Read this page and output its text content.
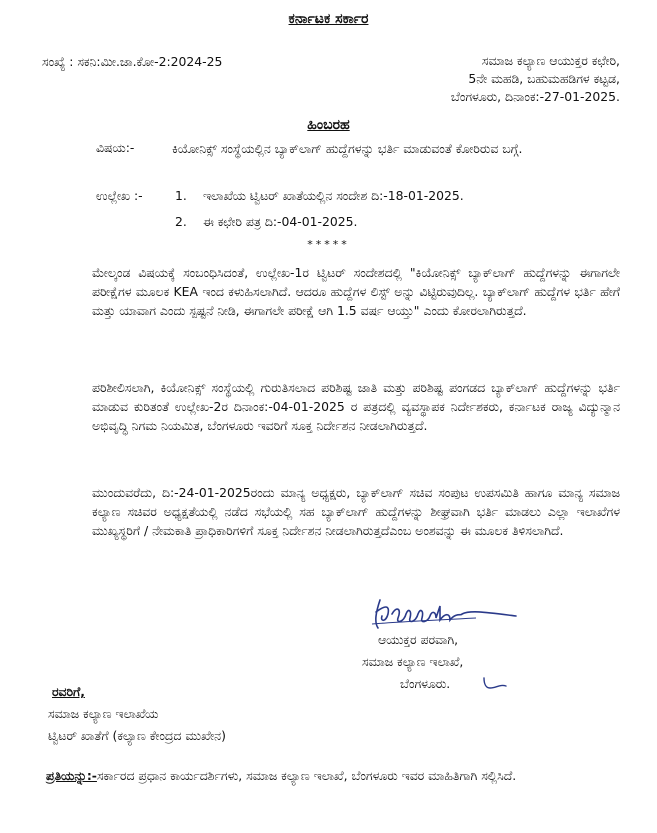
ಕರ್ನಾಟಕ ಸರ್ಕಾರ
ಸಂಖ್ಯೆ : ಸಕನಿ:ಮೀ.ಜಾ.ಕೋ-2:2024-25	ಸಮಾಜ ಕಲ್ಯಾಣ ಆಯುಕ್ತರ ಕಛೇರಿ,
5ನೇ ಮಹಡಿ, ಬಹುಮಹಡಿಗಳ ಕಟ್ಟಡ,
ಬೆಂಗಳೂರು, ದಿನಾಂಕ:-27-01-2025.
ಹಿಂಬರಹ
ವಿಷಯ:-	ಕಿಯೋನಿಕ್ಸ್ ಸಂಸ್ಥೆಯಲ್ಲಿನ ಬ್ಯಾಕ್‌ಲಾಗ್ ಹುದ್ದೆಗಳನ್ನು ಭರ್ತಿ ಮಾಡುವಂತೆ ಕೋರಿರುವ ಬಗ್ಗೆ.
ಉಲ್ಲೇಖ :-	1. ಇಲಾಖೆಯ ಟ್ವಿಟರ್ ಖಾತೆಯಲ್ಲಿನ ಸಂದೇಶ ದಿ:-18-01-2025.
2. ಈ ಕಛೇರಿ ಪತ್ರ ದಿ:-04-01-2025.
*****

ಮೇಲ್ಕಂಡ ವಿಷಯಕ್ಕೆ ಸಂಬಂಧಿಸಿದಂತೆ, ಉಲ್ಲೇಖ-1ರ ಟ್ವಿಟರ್ ಸಂದೇಶದಲ್ಲಿ "ಕಿಯೋನಿಕ್ಸ್ ಬ್ಯಾಕ್‌ಲಾಗ್ ಹುದ್ದೆಗಳನ್ನು ಈಗಾಗಲೇ ಪರೀಕ್ಷೆಗಳ ಮೂಲಕ KEA ಇಂದ ಕಳುಹಿಸಲಾಗಿದೆ. ಆದರೂ ಹುದ್ದೆಗಳ ಲಿಸ್ಟ್ ಅನ್ನು ವಿಟ್ಟಿರುವುದಿಲ್ಲ. ಬ್ಯಾಕ್‌ಲಾಗ್ ಹುದ್ದೆಗಳ ಭರ್ತಿ ಹೇಗೆ ಮತ್ತು ಯಾವಾಗ ಎಂದು ಸ್ಪಷ್ಟನೆ ನೀಡಿ, ಈಗಾಗಲೇ ಪರೀಕ್ಷೆ ಆಗಿ 1.5 ವರ್ಷ ಆಯ್ತು" ಎಂದು ಕೋರಲಾಗಿರುತ್ತದೆ.

ಪರಿಶೀಲಿಸಲಾಗಿ, ಕಿಯೋನಿಕ್ಸ್ ಸಂಸ್ಥೆಯಲ್ಲಿ ಗುರುತಿಸಲಾದ ಪರಿಶಿಷ್ಟ ಜಾತಿ ಮತ್ತು ಪರಿಶಿಷ್ಟ ಪಂಗಡದ ಬ್ಯಾಕ್‌ಲಾಗ್ ಹುದ್ದೆಗಳನ್ನು ಭರ್ತಿ ಮಾಡುವ ಕುರಿತಂತೆ ಉಲ್ಲೇಖ-2ರ ದಿನಾಂಕ:-04-01-2025 ರ ಪತ್ರದಲ್ಲಿ ವ್ಯವಸ್ಥಾಪಕ ನಿರ್ದೇಶಕರು, ಕರ್ನಾಟಕ ರಾಜ್ಯ ವಿದ್ಯುನ್ಮಾನ ಅಭಿವೃದ್ಧಿ ನಿಗಮ ನಿಯಮಿತ, ಬೆಂಗಳೂರು ಇವರಿಗೆ ಸೂಕ್ತ ನಿರ್ದೇಶನ ನೀಡಲಾಗಿರುತ್ತದೆ.

ಮುಂದುವರೆದು, ದಿ:-24-01-2025ರಂದು ಮಾನ್ಯ ಅಧ್ಯಕ್ಷರು, ಬ್ಯಾಕ್‌ಲಾಗ್ ಸಚಿವ ಸಂಪುಟ ಉಪಸಮಿತಿ ಹಾಗೂ ಮಾನ್ಯ ಸಮಾಜ ಕಲ್ಯಾಣ ಸಚಿವರ ಅಧ್ಯಕ್ಷತೆಯಲ್ಲಿ ನಡೆದ ಸಭೆಯಲ್ಲಿ ಸಹ ಬ್ಯಾಕ್‌ಲಾಗ್ ಹುದ್ದೆಗಳನ್ನು ಶೀಘ್ರವಾಗಿ ಭರ್ತಿ ಮಾಡಲು ಎಲ್ಲಾ ಇಲಾಖೆಗಳ ಮುಖ್ಯಸ್ಥರಿಗೆ / ನೇಮಕಾತಿ ಪ್ರಾಧಿಕಾರಿಗಳಿಗೆ ಸೂಕ್ತ ನಿರ್ದೇಶನ ನೀಡಲಾಗಿರುತ್ತದೆಎಂಬ ಅಂಶವನ್ನು ಈ ಮೂಲಕ ತಿಳಿಸಲಾಗಿದೆ.

ಆಯುಕ್ತರ ಪರವಾಗಿ,
ಸಮಾಜ ಕಲ್ಯಾಣ ಇಲಾಖೆ,
ಬೆಂಗಳೂರು.
ರವರಿಗೆ,
ಸಮಾಜ ಕಲ್ಯಾಣ ಇಲಾಖೆಯ
ಟ್ವಿಟರ್ ಖಾತೆಗೆ (ಕಲ್ಯಾಣ ಕೇಂದ್ರದ ಮುಖೇನ)
ಪ್ರತಿಯನ್ನು:-ಸರ್ಕಾರದ ಪ್ರಧಾನ ಕಾರ್ಯದರ್ಶಿಗಳು, ಸಮಾಜ ಕಲ್ಯಾಣ ಇಲಾಖೆ, ಬೆಂಗಳೂರು ಇವರ ಮಾಹಿತಿಗಾಗಿ ಸಲ್ಲಿಸಿದೆ.
